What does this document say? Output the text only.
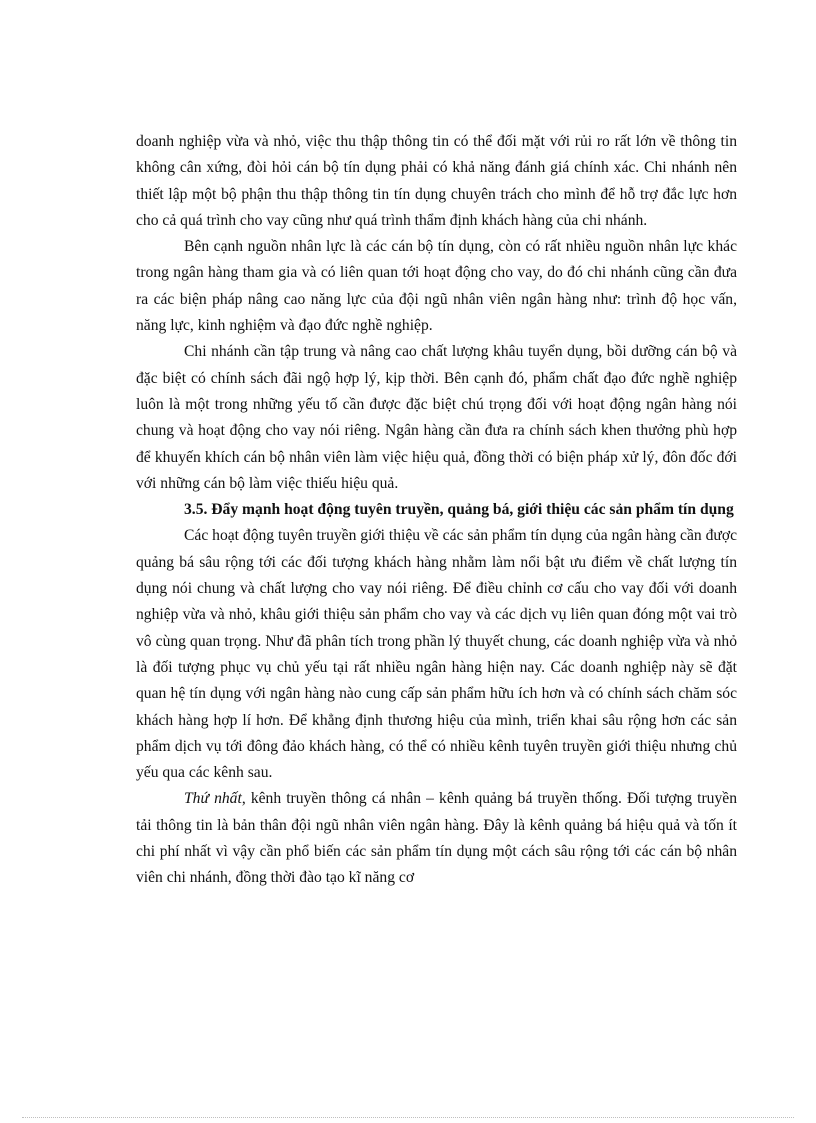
doanh nghiệp vừa và nhỏ, việc thu thập thông tin có thể đối mặt với rủi ro rất lớn về thông tin không cân xứng, đòi hỏi cán bộ tín dụng phải có khả năng đánh giá chính xác. Chi nhánh nên thiết lập một bộ phận thu thập thông tin tín dụng chuyên trách cho mình để hỗ trợ đắc lực hơn cho cả quá trình cho vay cũng như quá trình thẩm định khách hàng của chi nhánh.

Bên cạnh nguồn nhân lực là các cán bộ tín dụng, còn có rất nhiều nguồn nhân lực khác trong ngân hàng tham gia và có liên quan tới hoạt động cho vay, do đó chi nhánh cũng cần đưa ra các biện pháp nâng cao năng lực của đội ngũ nhân viên ngân hàng như: trình độ học vấn, năng lực, kinh nghiệm và đạo đức nghề nghiệp.

Chi nhánh cần tập trung và nâng cao chất lượng khâu tuyển dụng, bồi dưỡng cán bộ và đặc biệt có chính sách đãi ngộ hợp lý, kịp thời. Bên cạnh đó, phẩm chất đạo đức nghề nghiệp luôn là một trong những yếu tố cần được đặc biệt chú trọng đối với hoạt động ngân hàng nói chung và hoạt động cho vay nói riêng. Ngân hàng cần đưa ra chính sách khen thưởng phù hợp để khuyến khích cán bộ nhân viên làm việc hiệu quả, đồng thời có biện pháp xử lý, đôn đốc đới với những cán bộ làm việc thiếu hiệu quả.

3.5. Đẩy mạnh hoạt động tuyên truyền, quảng bá, giới thiệu các sản phẩm tín dụng

Các hoạt động tuyên truyền giới thiệu về các sản phẩm tín dụng của ngân hàng cần được quảng bá sâu rộng tới các đối tượng khách hàng nhằm làm nổi bật ưu điểm về chất lượng tín dụng nói chung và chất lượng cho vay nói riêng. Để điều chỉnh cơ cấu cho vay đối với doanh nghiệp vừa và nhỏ, khâu giới thiệu sản phẩm cho vay và các dịch vụ liên quan đóng một vai trò vô cùng quan trọng. Như đã phân tích trong phần lý thuyết chung, các doanh nghiệp vừa và nhỏ là đối tượng phục vụ chủ yếu tại rất nhiều ngân hàng hiện nay. Các doanh nghiệp này sẽ đặt quan hệ tín dụng với ngân hàng nào cung cấp sản phẩm hữu ích hơn và có chính sách chăm sóc khách hàng hợp lí hơn. Để khẳng định thương hiệu của mình, triển khai sâu rộng hơn các sản phẩm dịch vụ tới đông đảo khách hàng, có thể có nhiều kênh tuyên truyền giới thiệu nhưng chủ yếu qua các kênh sau.

Thứ nhất, kênh truyền thông cá nhân – kênh quảng bá truyền thống. Đối tượng truyền tải thông tin là bản thân đội ngũ nhân viên ngân hàng. Đây là kênh quảng bá hiệu quả và tốn ít chi phí nhất vì vậy cần phổ biến các sản phẩm tín dụng một cách sâu rộng tới các cán bộ nhân viên chi nhánh, đồng thời đào tạo kĩ năng cơ
